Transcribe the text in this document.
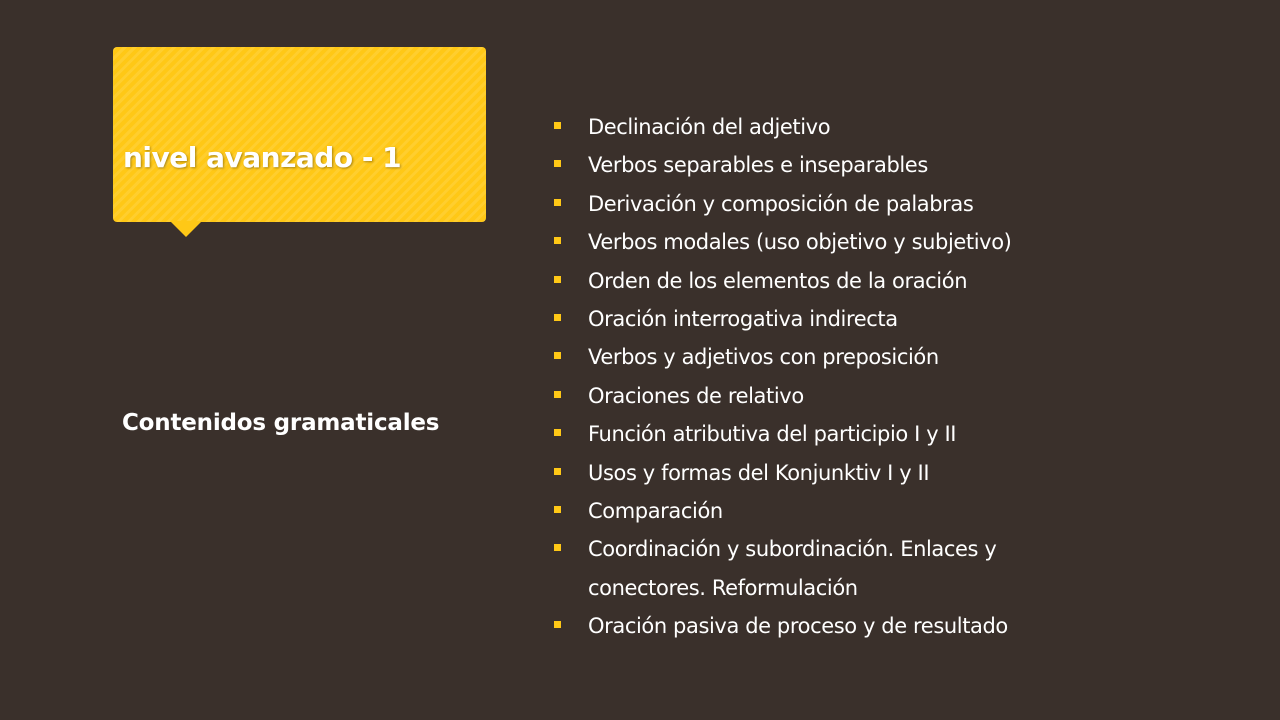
nivel avanzado - 1
Contenidos gramaticales
Declinación del adjetivo
Verbos separables e inseparables
Derivación y composición de palabras
Verbos modales (uso objetivo y subjetivo)
Orden de los elementos de la oración
Oración interrogativa indirecta
Verbos y adjetivos con preposición
Oraciones de relativo
Función atributiva del participio I y II
Usos y formas del Konjunktiv I y II
Comparación
Coordinación y subordinación. Enlaces y conectores. Reformulación
Oración pasiva de proceso y de resultado
